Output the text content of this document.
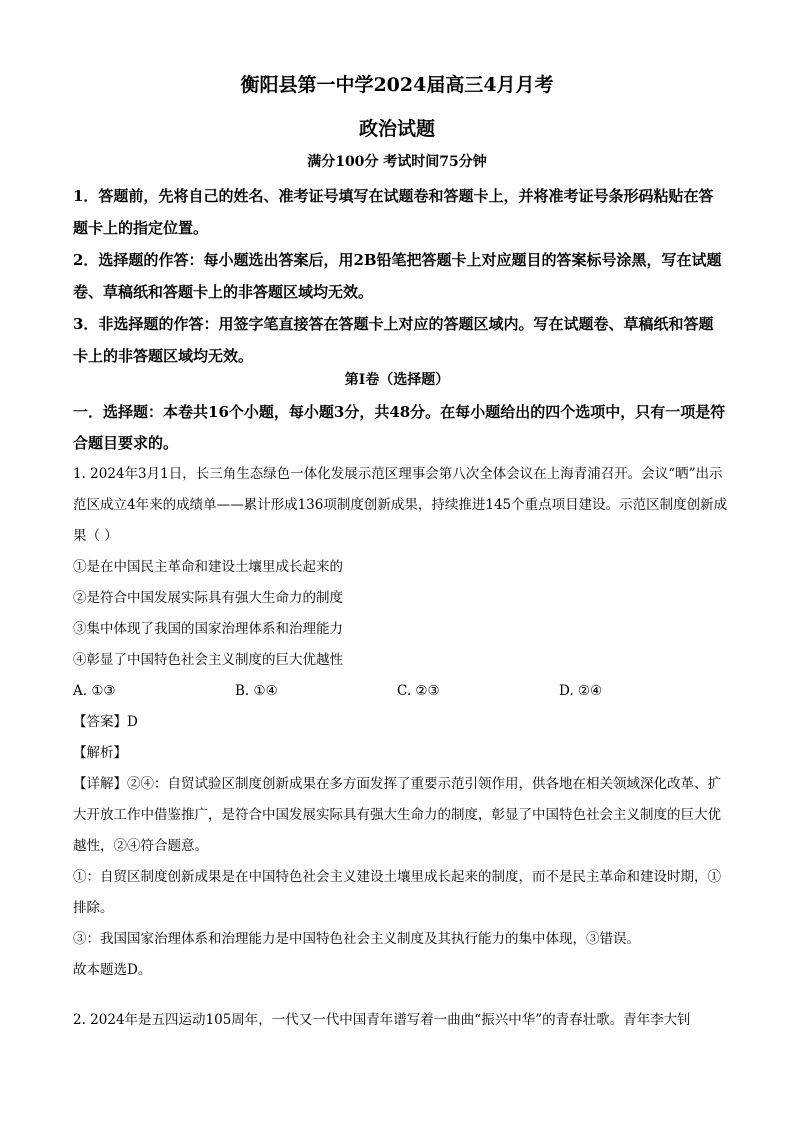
衡阳县第一中学2024届高三4月月考
政治试题
满分100分 考试时间75分钟

1．答题前，先将自己的姓名、准考证号填写在试题卷和答题卡上，并将准考证号条形码粘贴在答题卡上的指定位置。

2．选择题的作答：每小题选出答案后，用2B铅笔把答题卡上对应题目的答案标号涂黑，写在试题卷、草稿纸和答题卡上的非答题区域均无效。

3．非选择题的作答：用签字笔直接答在答题卡上对应的答题区域内。写在试题卷、草稿纸和答题卡上的非答题区域均无效。

第Ⅰ卷（选择题）

一．选择题：本卷共16个小题，每小题3分，共48分。在每小题给出的四个选项中，只有一项是符合题目要求的。

1. 2024年3月1日，长三角生态绿色一体化发展示范区理事会第八次全体会议在上海青浦召开。会议“晒”出示范区成立4年来的成绩单——累计形成136项制度创新成果，持续推进145个重点项目建设。示范区制度创新成果（ ）

①是在中国民主革命和建设土壤里成长起来的

②是符合中国发展实际具有强大生命力的制度

③集中体现了我国的国家治理体系和治理能力

④彰显了中国特色社会主义制度的巨大优越性

A. ①③	B. ①④	C. ②③	D. ②④

【答案】D

【解析】

【详解】②④：自贸试验区制度创新成果在多方面发挥了重要示范引领作用，供各地在相关领域深化改革、扩大开放工作中借鉴推广，是符合中国发展实际具有强大生命力的制度，彰显了中国特色社会主义制度的巨大优越性，②④符合题意。

①：自贸区制度创新成果是在中国特色社会主义建设土壤里成长起来的制度，而不是民主革命和建设时期，①排除。

③：我国国家治理体系和治理能力是中国特色社会主义制度及其执行能力的集中体现，③错误。

故本题选D。

2. 2024年是五四运动105周年，一代又一代中国青年谱写着一曲曲“振兴中华”的青春壮歌。青年李大钊
